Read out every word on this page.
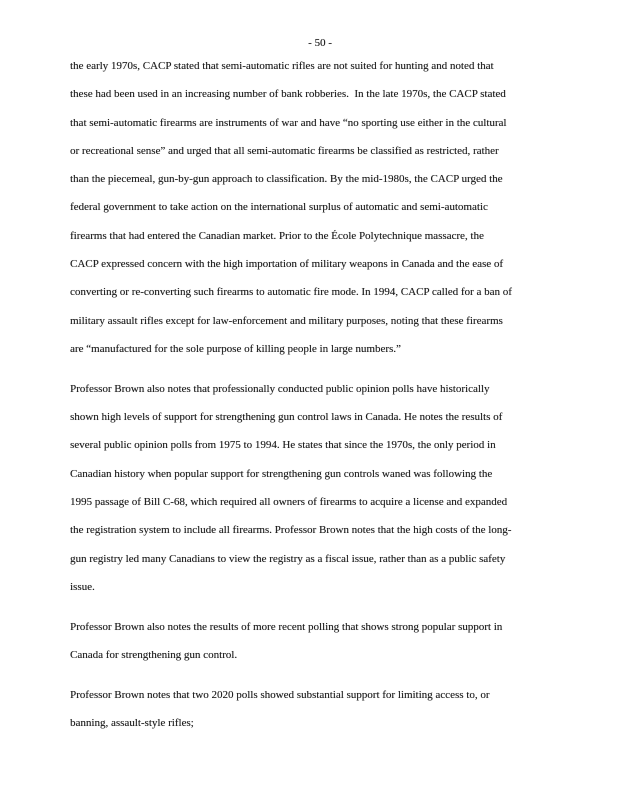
- 50 -
the early 1970s, CACP stated that semi-automatic rifles are not suited for hunting and noted that
these had been used in an increasing number of bank robberies.  In the late 1970s, the CACP stated
that semi-automatic firearms are instruments of war and have “no sporting use either in the cultural
or recreational sense” and urged that all semi-automatic firearms be classified as restricted, rather
than the piecemeal, gun-by-gun approach to classification. By the mid-1980s, the CACP urged the
federal government to take action on the international surplus of automatic and semi-automatic
firearms that had entered the Canadian market. Prior to the École Polytechnique massacre, the
CACP expressed concern with the high importation of military weapons in Canada and the ease of
converting or re-converting such firearms to automatic fire mode. In 1994, CACP called for a ban of
military assault rifles except for law-enforcement and military purposes, noting that these firearms
are “manufactured for the sole purpose of killing people in large numbers.”
Professor Brown also notes that professionally conducted public opinion polls have historically
shown high levels of support for strengthening gun control laws in Canada. He notes the results of
several public opinion polls from 1975 to 1994. He states that since the 1970s, the only period in
Canadian history when popular support for strengthening gun controls waned was following the
1995 passage of Bill C-68, which required all owners of firearms to acquire a license and expanded
the registration system to include all firearms. Professor Brown notes that the high costs of the long-
gun registry led many Canadians to view the registry as a fiscal issue, rather than as a public safety
issue.
Professor Brown also notes the results of more recent polling that shows strong popular support in
Canada for strengthening gun control.
Professor Brown notes that two 2020 polls showed substantial support for limiting access to, or
banning, assault-style rifles;
